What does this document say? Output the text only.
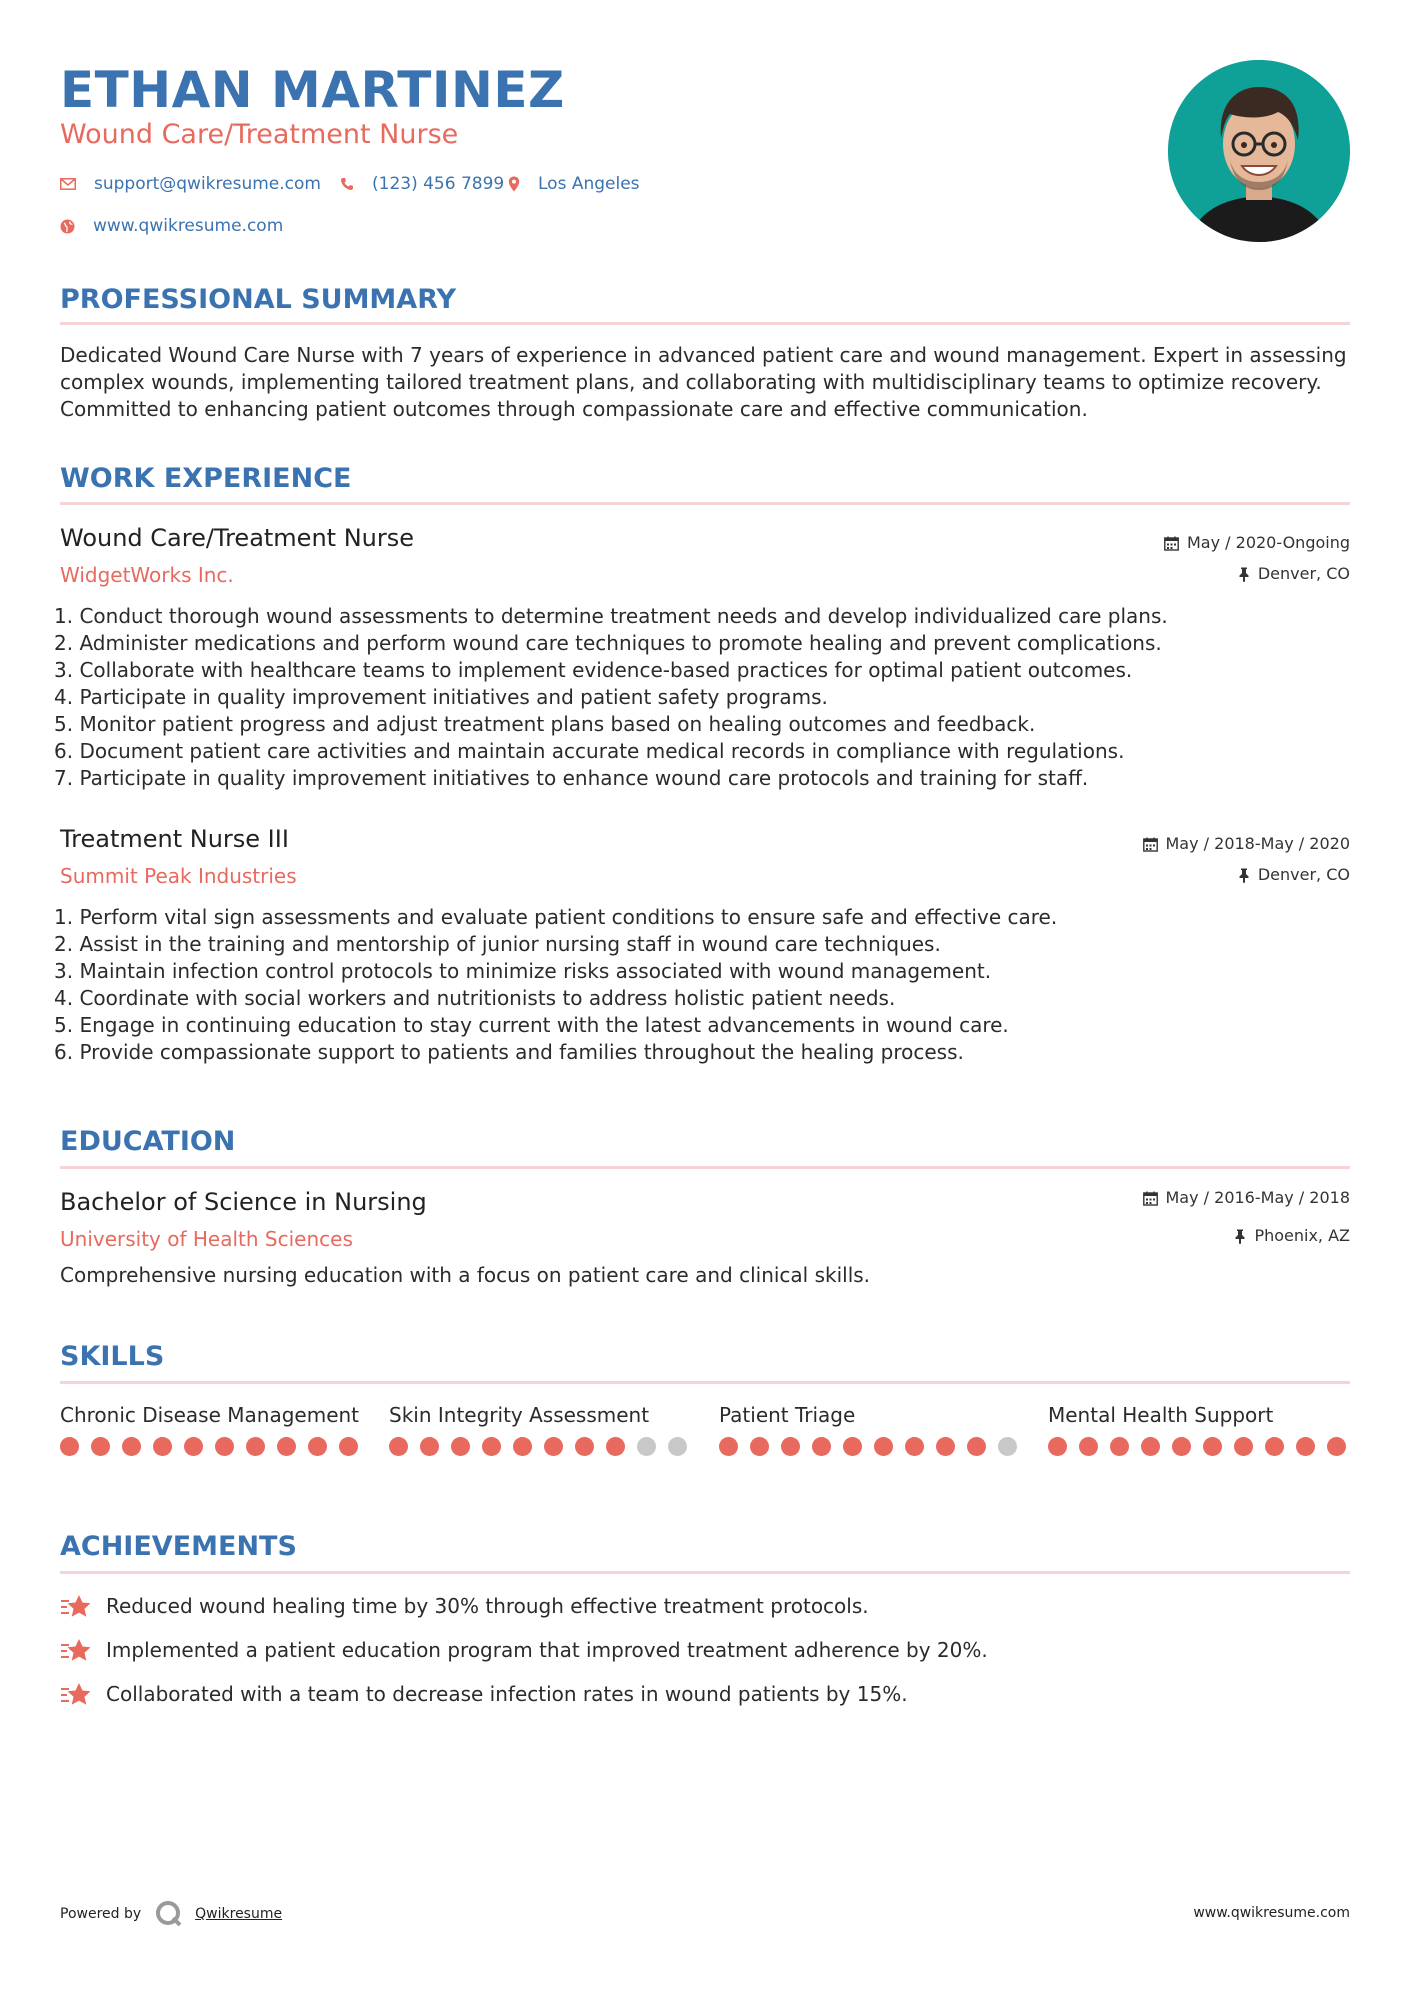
ETHAN MARTINEZ
Wound Care/Treatment Nurse
support@qwikresume.com	(123) 456 7899 Los Angeles
www.qwikresume.com
PROFESSIONAL SUMMARY
Dedicated Wound Care Nurse with 7 years of experience in advanced patient care and wound management. Expert in assessing complex wounds, implementing tailored treatment plans, and collaborating with multidisciplinary teams to optimize recovery. Committed to enhancing patient outcomes through compassionate care and effective communication.
WORK EXPERIENCE
Wound Care/Treatment Nurse
WidgetWorks Inc.
May / 2020-Ongoing
Denver, CO
1. Conduct thorough wound assessments to determine treatment needs and develop individualized care plans.
2. Administer medications and perform wound care techniques to promote healing and prevent complications.
3. Collaborate with healthcare teams to implement evidence-based practices for optimal patient outcomes.
4. Participate in quality improvement initiatives and patient safety programs.
5. Monitor patient progress and adjust treatment plans based on healing outcomes and feedback.
6. Document patient care activities and maintain accurate medical records in compliance with regulations.
7. Participate in quality improvement initiatives to enhance wound care protocols and training for staff.
Treatment Nurse III
Summit Peak Industries
May / 2018-May / 2020
Denver, CO
1. Perform vital sign assessments and evaluate patient conditions to ensure safe and effective care.
2. Assist in the training and mentorship of junior nursing staff in wound care techniques.
3. Maintain infection control protocols to minimize risks associated with wound management.
4. Coordinate with social workers and nutritionists to address holistic patient needs.
5. Engage in continuing education to stay current with the latest advancements in wound care.
6. Provide compassionate support to patients and families throughout the healing process.
EDUCATION
Bachelor of Science in Nursing
University of Health Sciences
May / 2016-May / 2018
Phoenix, AZ
Comprehensive nursing education with a focus on patient care and clinical skills.
SKILLS
Chronic Disease Management Skin Integrity Assessment	Patient Triage	Mental Health Support
ACHIEVEMENTS
Reduced wound healing time by 30% through effective treatment protocols.
Implemented a patient education program that improved treatment adherence by 20%.
Collaborated with a team to decrease infection rates in wound patients by 15%.
Powered by	Qwikresume	www.qwikresume.com
